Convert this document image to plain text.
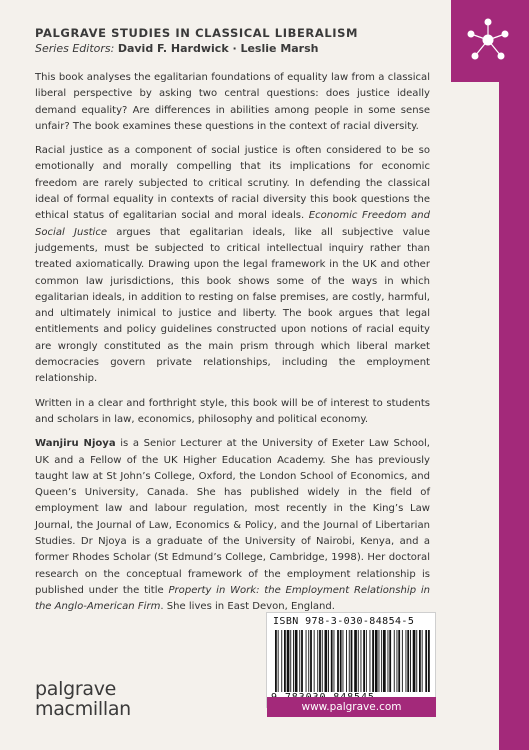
PALGRAVE STUDIES IN CLASSICAL LIBERALISM
Series Editors: David F. Hardwick · Leslie Marsh

This book analyses the egalitarian foundations of equality law from a classical liberal perspective by asking two central questions: does justice ideally demand equality? Are differences in abilities among people in some sense unfair? The book examines these questions in the context of racial diversity.

Racial justice as a component of social justice is often considered to be so emotionally and morally compelling that its implications for economic freedom are rarely subjected to critical scrutiny. In defending the classical ideal of formal equality in contexts of racial diversity this book questions the ethical status of egalitarian social and moral ideals. Economic Freedom and Social Justice argues that egalitarian ideals, like all subjective value judgements, must be subjected to critical intellectual inquiry rather than treated axiomatically. Drawing upon the legal framework in the UK and other common law jurisdictions, this book shows some of the ways in which egalitarian ideals, in addition to resting on false premises, are costly, harmful, and ultimately inimical to justice and liberty. The book argues that legal entitlements and policy guidelines constructed upon notions of racial equity are wrongly constituted as the main prism through which liberal market democracies govern private relationships, including the employment relationship.

Written in a clear and forthright style, this book will be of interest to students and scholars in law, economics, philosophy and political economy.

Wanjiru Njoya is a Senior Lecturer at the University of Exeter Law School, UK and a Fellow of the UK Higher Education Academy. She has previously taught law at St John’s College, Oxford, the London School of Economics, and Queen’s University, Canada. She has published widely in the field of employment law and labour regulation, most recently in the King’s Law Journal, the Journal of Law, Economics & Policy, and the Journal of Libertarian Studies. Dr Njoya is a graduate of the University of Nairobi, Kenya, and a former Rhodes Scholar (St Edmund’s College, Cambridge, 1998). Her doctoral research on the conceptual framework of the employment relationship is published under the title Property in Work: the Employment Relationship in the Anglo-American Firm. She lives in East Devon, England.

ISBN 978-3-030-84854-5
www.palgrave.com
palgrave
macmillan
